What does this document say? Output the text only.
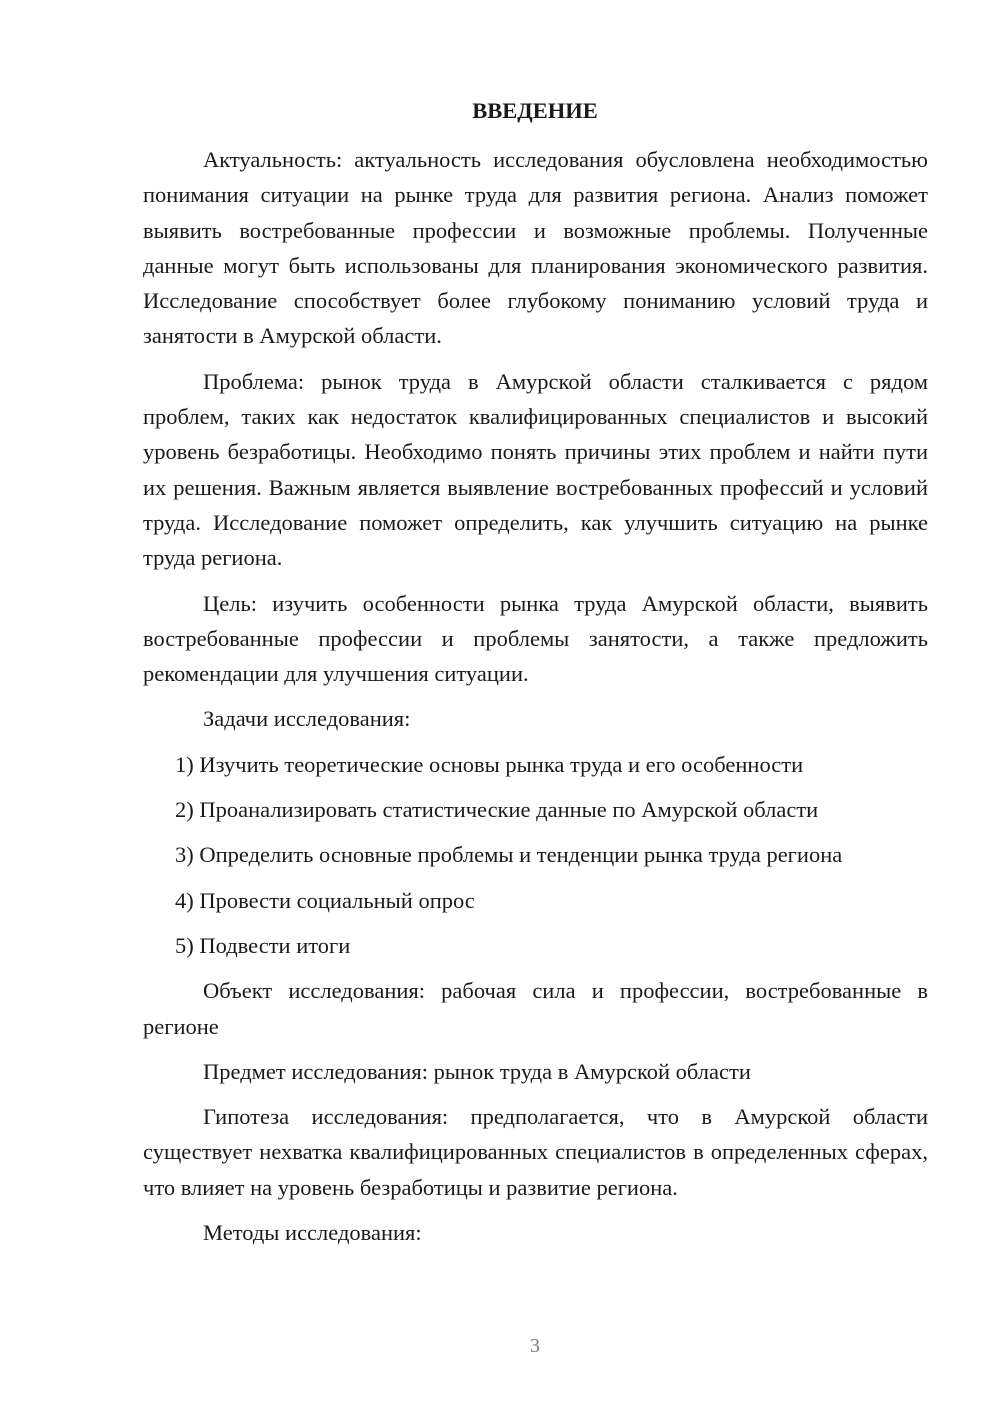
ВВЕДЕНИЕ

Актуальность: актуальность исследования обусловлена необходимостью понимания ситуации на рынке труда для развития региона. Анализ поможет выявить востребованные профессии и возможные проблемы. Полученные данные могут быть использованы для планирования экономического развития. Исследование способствует более глубокому пониманию условий труда и занятости в Амурской области.

Проблема: рынок труда в Амурской области сталкивается с рядом проблем, таких как недостаток квалифицированных специалистов и высокий уровень безработицы. Необходимо понять причины этих проблем и найти пути их решения. Важным является выявление востребованных профессий и условий труда. Исследование поможет определить, как улучшить ситуацию на рынке труда региона.

Цель: изучить особенности рынка труда Амурской области, выявить востребованные профессии и проблемы занятости, а также предложить рекомендации для улучшения ситуации.

Задачи исследования:

1) Изучить теоретические основы рынка труда и его особенности
2) Проанализировать статистические данные по Амурской области
3) Определить основные проблемы и тенденции рынка труда региона
4) Провести социальный опрос
5) Подвести итоги

Объект исследования: рабочая сила и профессии, востребованные в регионе

Предмет исследования: рынок труда в Амурской области

Гипотеза исследования: предполагается, что в Амурской области существует нехватка квалифицированных специалистов в определенных сферах, что влияет на уровень безработицы и развитие региона.

Методы исследования:

3
